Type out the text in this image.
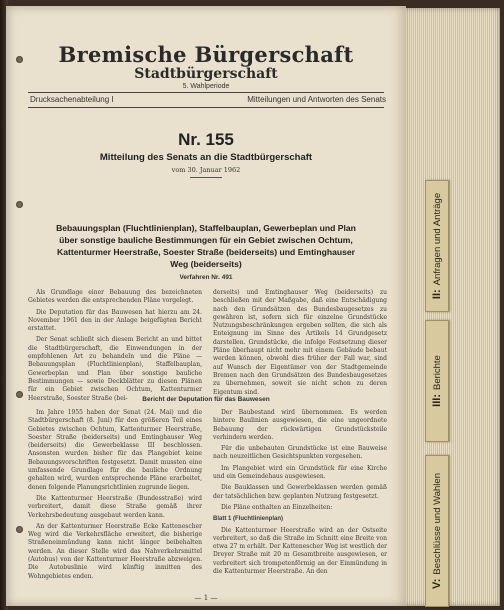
II:Anfragen und Anträge
III:Berichte
V:Beschlüsse und Wahlen
Bremische Bürgerschaft
Stadtbürgerschaft
5. Wahlperiode
Drucksachenabteilung I	Mitteilungen und Antworten des Senats
Nr. 155
Mitteilung des Senats an die Stadtbürgerschaft
vom 30. Januar 1962
Bebauungsplan (Fluchtlinienplan), Staffelbauplan, Gewerbeplan und Plan über sonstige bauliche Bestimmungen für ein Gebiet zwischen Ochtum, Kattenturmer Heerstraße, Soester Straße (beiderseits) und Emtinghauser Weg (beiderseits)
Verfahren Nr. 491

Als Grundlage einer Bebauung des bezeichneten Gebietes werden die entsprechenden Pläne vorgelegt.

Die Deputation für das Bauwesen hat hierzu am 24. November 1961 den in der Anlage beigefügten Bericht erstattet.

Der Senat schließt sich diesem Bericht an und bittet die Stadtbürgerschaft, die Einwendungen in der empfohlenen Art zu behandeln und die Pläne — Bebauungsplan (Fluchtlinienplan), Staffelbauplan, Gewerbeplan und Plan über sonstige bauliche Bestimmungen — sowie Deckblätter zu diesen Plänen für ein Gebiet zwischen Ochtum, Kattenturmer Heerstraße, Soester Straße (bei-

derseits) und Emtinghauser Weg (beiderseits) zu beschließen mit der Maßgabe, daß eine Entschädigung nach den Grundsätzen des Bundesbaugesetzes zu gewähren ist, sofern sich für einzelne Grundstücke Nutzungsbeschränkungen ergeben sollten, die sich als Enteignung im Sinne des Artikels 14 Grundgesetz darstellen. Grundstücke, die infolge Festsetzung dieser Pläne überhaupt nicht mehr mit einem Gebäude bebaut werden können, obwohl dies früher der Fall war, sind auf Wunsch der Eigentümer von der Stadtgemeinde Bremen nach den Grundsätzen des Bundesbaugesetzes zu übernehmen, soweit sie nicht schon zu deren Eigentum sind.

Bericht der Deputation für das Bauwesen

Im Jahre 1955 haben der Senat (24. Mai) und die Stadtbürgerschaft (8. Juni) für den größeren Teil eines Gebietes zwischen Ochtum, Kattenturmer Heerstraße, Soester Straße (beiderseits) und Emtinghauser Weg (beiderseits) die Gewerbeklasse III beschlossen. Ansonsten wurden bisher für das Plangebiet keine Bebauungsvorschriften festgesetzt. Damit mussten eine umfassende Grundlage für die bauliche Ordnung gehalten wird, wurden entsprechende Pläne erarbeitet, denen folgende Planungsrichtlinien zugrunde liegen.

Die Kattenturmer Heerstraße (Bundesstraße) wird verbreitert, damit diese Straße gemäß ihrer Verkehrsbedeutung ausgebaut werden kann.

An der Kattenturmer Heerstraße Ecke Kattenescher Weg wird die Verkehrsfläche erweitert, die bisherige Straßeneinmündung kann nicht länger beibehalten werden. An dieser Stelle wird das Nahverkehrsmittel (Autobus) von der Kattenturmer Heerstraße abzweigen. Die Autobuslinie wird künftig inmitten des Wohngebietes enden.

Der Baubestand wird übernommen. Es werden hintere Baulinien ausgewiesen, die eine ungeordnete Bebauung der rückwärtigen Grundstücksteile verhindern werden.

Für die unbebauten Grundstücke ist eine Bauweise nach neuzeitlichen Gesichtspunkten vorgesehen.

Im Plangebiet wird ein Grundstück für eine Kirche und ein Gemeindehaus ausgewiesen.

Die Bauklassen und Gewerbeklassen werden gemäß der tatsächlichen bzw. geplanten Nutzung festgesetzt.

Die Pläne enthalten an Einzelheiten:

Blatt 1 (Fluchtlinienplan)

Die Kattenturmer Heerstraße wird an der Ostseite verbreitert, so daß die Straße im Schnitt eine Breite von etwa 27 m erhält. Der Kattenescher Weg ist westlich der Dreyer Straße mit 20 m Gesamtbreite ausgewiesen, er verbreitert sich trompetenförmig an der Einmündung in die Kattenturmer Heerstraße. An den

— 1 —
